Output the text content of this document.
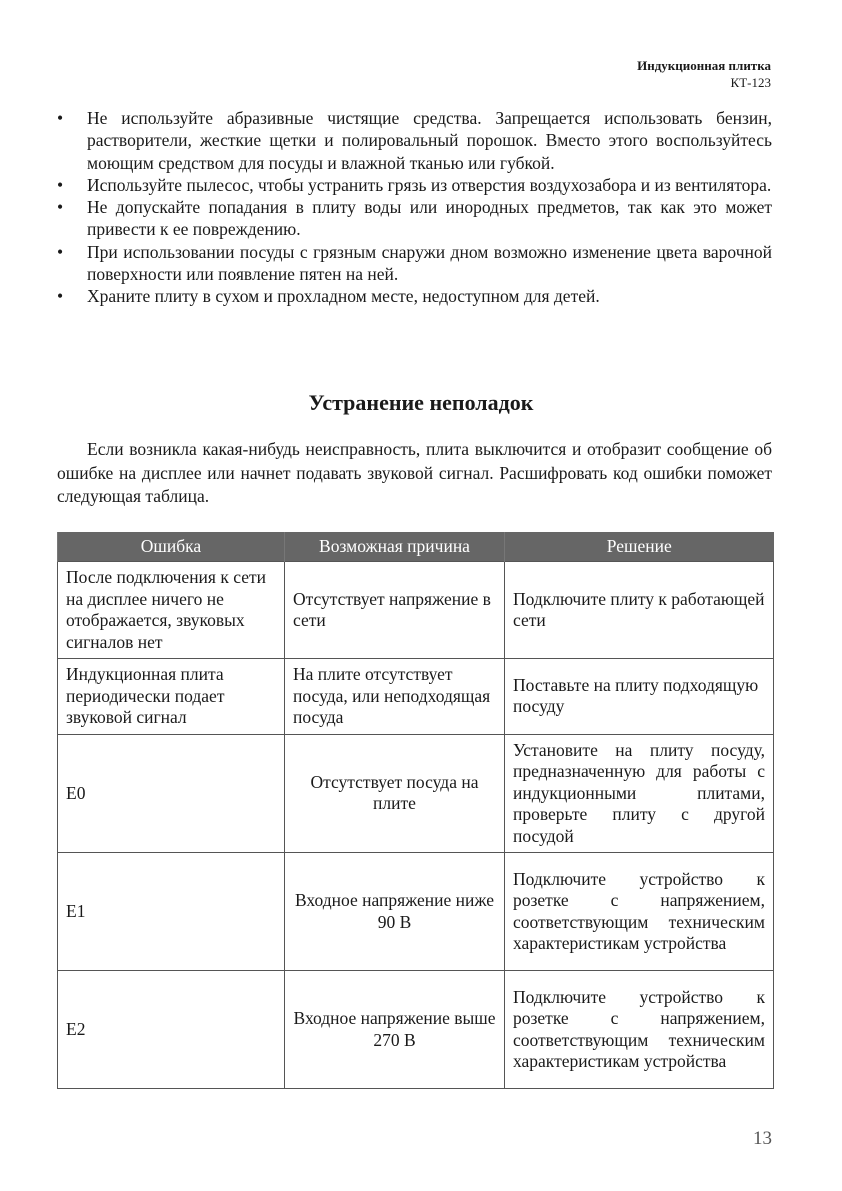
Индукционная плитка
КТ-123
• Не используйте абразивные чистящие средства. Запрещается использовать бензин, растворители, жесткие щетки и полировальный порошок. Вместо этого воспользуйтесь моющим средством для посуды и влажной тканью или губкой.
• Используйте пылесос, чтобы устранить грязь из отверстия воздухозабора и из вентилятора.
• Не допускайте попадания в плиту воды или инородных предметов, так как это может привести к ее повреждению.
• При использовании посуды с грязным снаружи дном возможно изменение цвета варочной поверхности или появление пятен на ней.
• Храните плиту в сухом и прохладном месте, недоступном для детей.
Устранение неполадок

Если возникла какая-нибудь неисправность, плита выключится и отобразит сообщение об ошибке на дисплее или начнет подавать звуковой сигнал. Расшифровать код ошибки поможет следующая таблица.

Ошибка	Возможная причина	Решение
После подключения к сети на дисплее ничего не отображается, звуковых сигналов нет	Отсутствует напряжение в сети	Подключите плиту к работающей сети
Индукционная плита периодически подает звуковой сигнал	На плите отсутствует посуда, или неподходящая посуда	Поставьте на плиту подходящую посуду
E0	Отсутствует посуда на плите	Установите на плиту посуду, предназначенную для работы с индукционными плитами, проверьте плиту с другой посудой
E1	Входное напряжение ниже 90 В	Подключите устройство к розетке с напряжением, соответствующим техническим характеристикам устройства
E2	Входное напряжение выше 270 В	Подключите устройство к розетке с напряжением, соответствующим техническим характеристикам устройства
13
